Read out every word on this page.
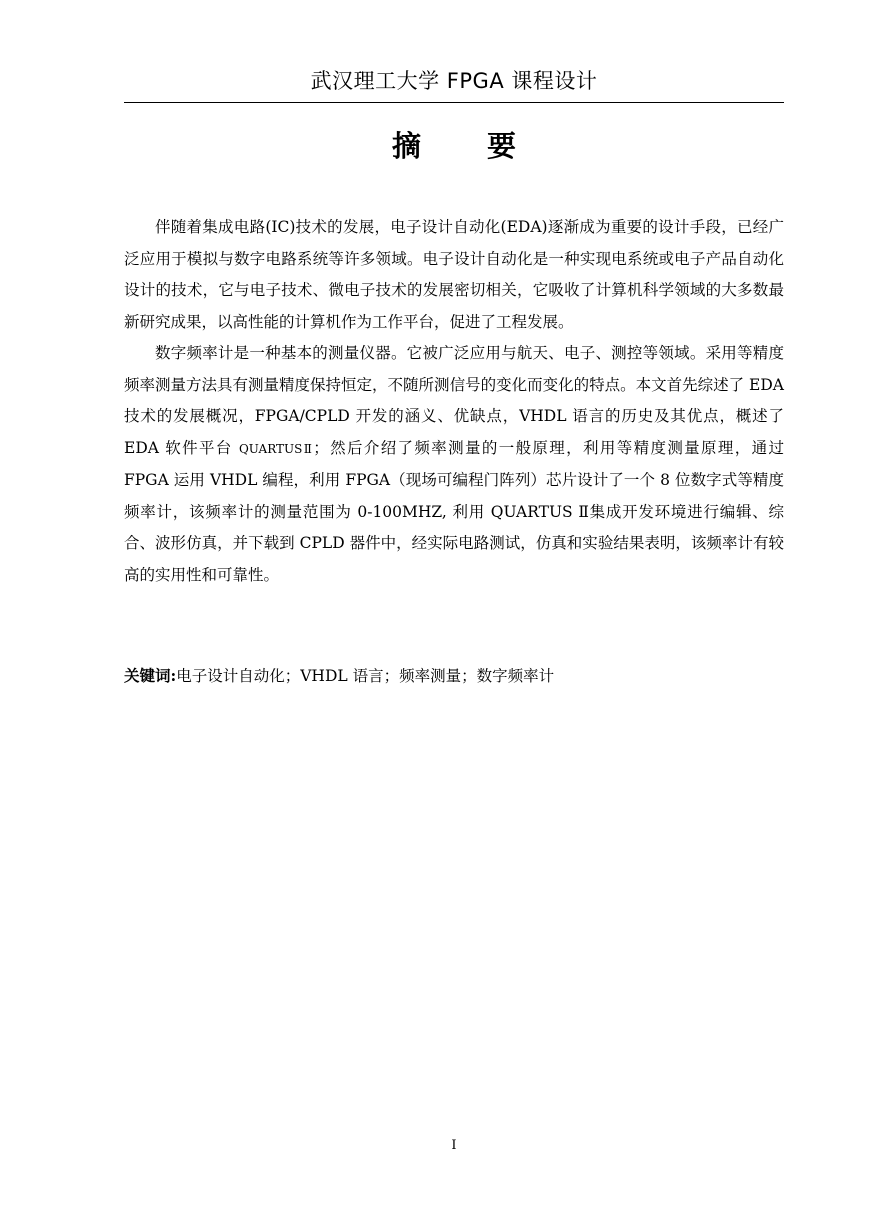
武汉理工大学 FPGA 课程设计
摘 要

伴随着集成电路(IC)技术的发展，电子设计自动化(EDA)逐渐成为重要的设计手段，已经广泛应用于模拟与数字电路系统等许多领域。电子设计自动化是一种实现电系统或电子产品自动化设计的技术，它与电子技术、微电子技术的发展密切相关，它吸收了计算机科学领域的大多数最新研究成果，以高性能的计算机作为工作平台，促进了工程发展。

数字频率计是一种基本的测量仪器。它被广泛应用与航天、电子、测控等领域。采用等精度频率测量方法具有测量精度保持恒定，不随所测信号的变化而变化的特点。本文首先综述了 EDA 技术的发展概况，FPGA/CPLD 开发的涵义、优缺点，VHDL 语言的历史及其优点，概述了 EDA 软件平台 QUARTUSⅡ；然后介绍了频率测量的一般原理，利用等精度测量原理，通过 FPGA 运用 VHDL 编程，利用 FPGA（现场可编程门阵列）芯片设计了一个 8 位数字式等精度频率计，该频率计的测量范围为 0-100MHZ, 利用 QUARTUS Ⅱ集成开发环境进行编辑、综合、波形仿真，并下载到 CPLD 器件中，经实际电路测试，仿真和实验结果表明，该频率计有较高的实用性和可靠性。

关键词:电子设计自动化；VHDL 语言；频率测量；数字频率计
I
